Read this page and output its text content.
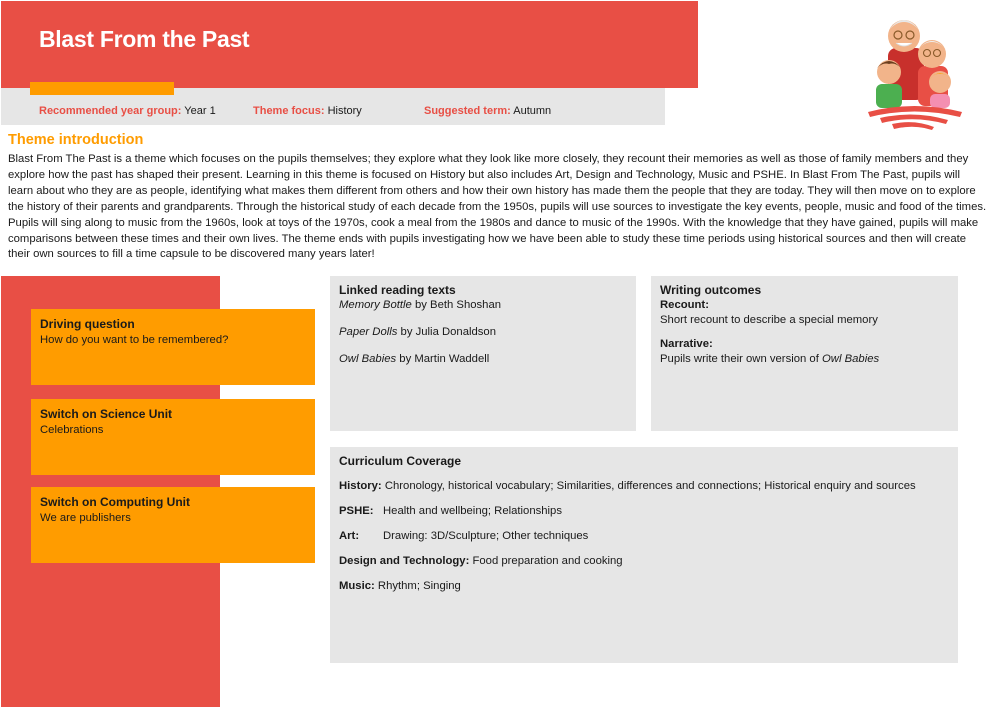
Blast From the Past
Recommended year group: Year 1	Theme focus: History	Suggested term: Autumn
Theme introduction
Blast From The Past is a theme which focuses on the pupils themselves; they explore what they look like more closely, they recount their memories as well as those of family members and they explore how the past has shaped their present. Learning in this theme is focused on History but also includes Art, Design and Technology, Music and PSHE. In Blast From The Past, pupils will learn about who they are as people, identifying what makes them different from others and how their own history has made them the people that they are today. They will then move on to explore the history of their parents and grandparents. Through the historical study of each decade from the 1950s, pupils will use sources to investigate the key events, people, music and food of the times. Pupils will sing along to music from the 1960s, look at toys of the 1970s, cook a meal from the 1980s and dance to music of the 1990s. With the knowledge that they have gained, pupils will make comparisons between these times and their own lives. The theme ends with pupils investigating how we have been able to study these time periods using historical sources and then will create their own sources to fill a time capsule to be discovered many years later!
Driving question
How do you want to be remembered?
Switch on Science Unit
Celebrations
Switch on Computing Unit
We are publishers
Linked reading texts
Memory Bottle by Beth Shoshan
Paper Dolls by Julia Donaldson
Owl Babies by Martin Waddell
Writing outcomes
Recount:
Short recount to describe a special memory
Narrative:
Pupils write their own version of Owl Babies
Curriculum Coverage
History: Chronology, historical vocabulary; Similarities, differences and connections; Historical enquiry and sources
PSHE: Health and wellbeing; Relationships
Art: Drawing: 3D/Sculpture; Other techniques
Design and Technology: Food preparation and cooking
Music: Rhythm; Singing
